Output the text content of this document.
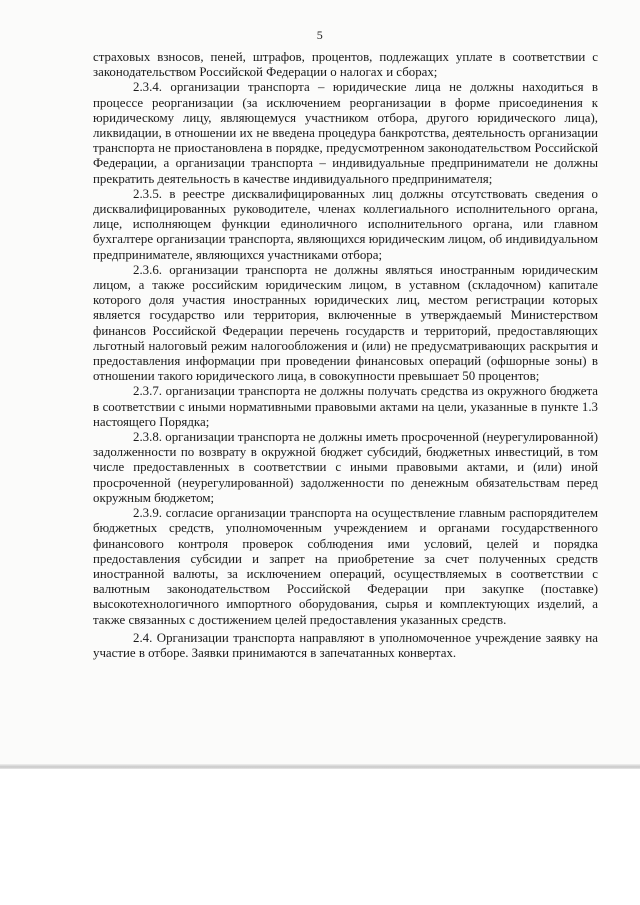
5

страховых взносов, пеней, штрафов, процентов, подлежащих уплате в соответствии с законодательством Российской Федерации о налогах и сборах;

2.3.4. организации транспорта – юридические лица не должны находиться в процессе реорганизации (за исключением реорганизации в форме присоединения к юридическому лицу, являющемуся участником отбора, другого юридического лица), ликвидации, в отношении их не введена процедура банкротства, деятельность организации транспорта не приостановлена в порядке, предусмотренном законодательством Российской Федерации, а организации транспорта – индивидуальные предприниматели не должны прекратить деятельность в качестве индивидуального предпринимателя;

2.3.5. в реестре дисквалифицированных лиц должны отсутствовать сведения о дисквалифицированных руководителе, членах коллегиального исполнительного органа, лице, исполняющем функции единоличного исполнительного органа, или главном бухгалтере организации транспорта, являющихся юридическим лицом, об индивидуальном предпринимателе, являющихся участниками отбора;

2.3.6. организации транспорта не должны являться иностранным юридическим лицом, а также российским юридическим лицом, в уставном (складочном) капитале которого доля участия иностранных юридических лиц, местом регистрации которых является государство или территория, включенные в утверждаемый Министерством финансов Российской Федерации перечень государств и территорий, предоставляющих льготный налоговый режим налогообложения и (или) не предусматривающих раскрытия и предоставления информации при проведении финансовых операций (офшорные зоны) в отношении такого юридического лица, в совокупности превышает 50 процентов;

2.3.7. организации транспорта не должны получать средства из окружного бюджета в соответствии с иными нормативными правовыми актами на цели, указанные в пункте 1.3 настоящего Порядка;

2.3.8. организации транспорта не должны иметь просроченной (неурегулированной) задолженности по возврату в окружной бюджет субсидий, бюджетных инвестиций, в том числе предоставленных в соответствии с иными правовыми актами, и (или) иной просроченной (неурегулированной) задолженности по денежным обязательствам перед окружным бюджетом;

2.3.9. согласие организации транспорта на осуществление главным распорядителем бюджетных средств, уполномоченным учреждением и органами государственного финансового контроля проверок соблюдения ими условий, целей и порядка предоставления субсидии и запрет на приобретение за счет полученных средств иностранной валюты, за исключением операций, осуществляемых в соответствии с валютным законодательством Российской Федерации при закупке (поставке) высокотехнологичного импортного оборудования, сырья и комплектующих изделий, а также связанных с достижением целей предоставления указанных средств.

2.4. Организации транспорта направляют в уполномоченное учреждение заявку на участие в отборе. Заявки принимаются в запечатанных конвертах.
